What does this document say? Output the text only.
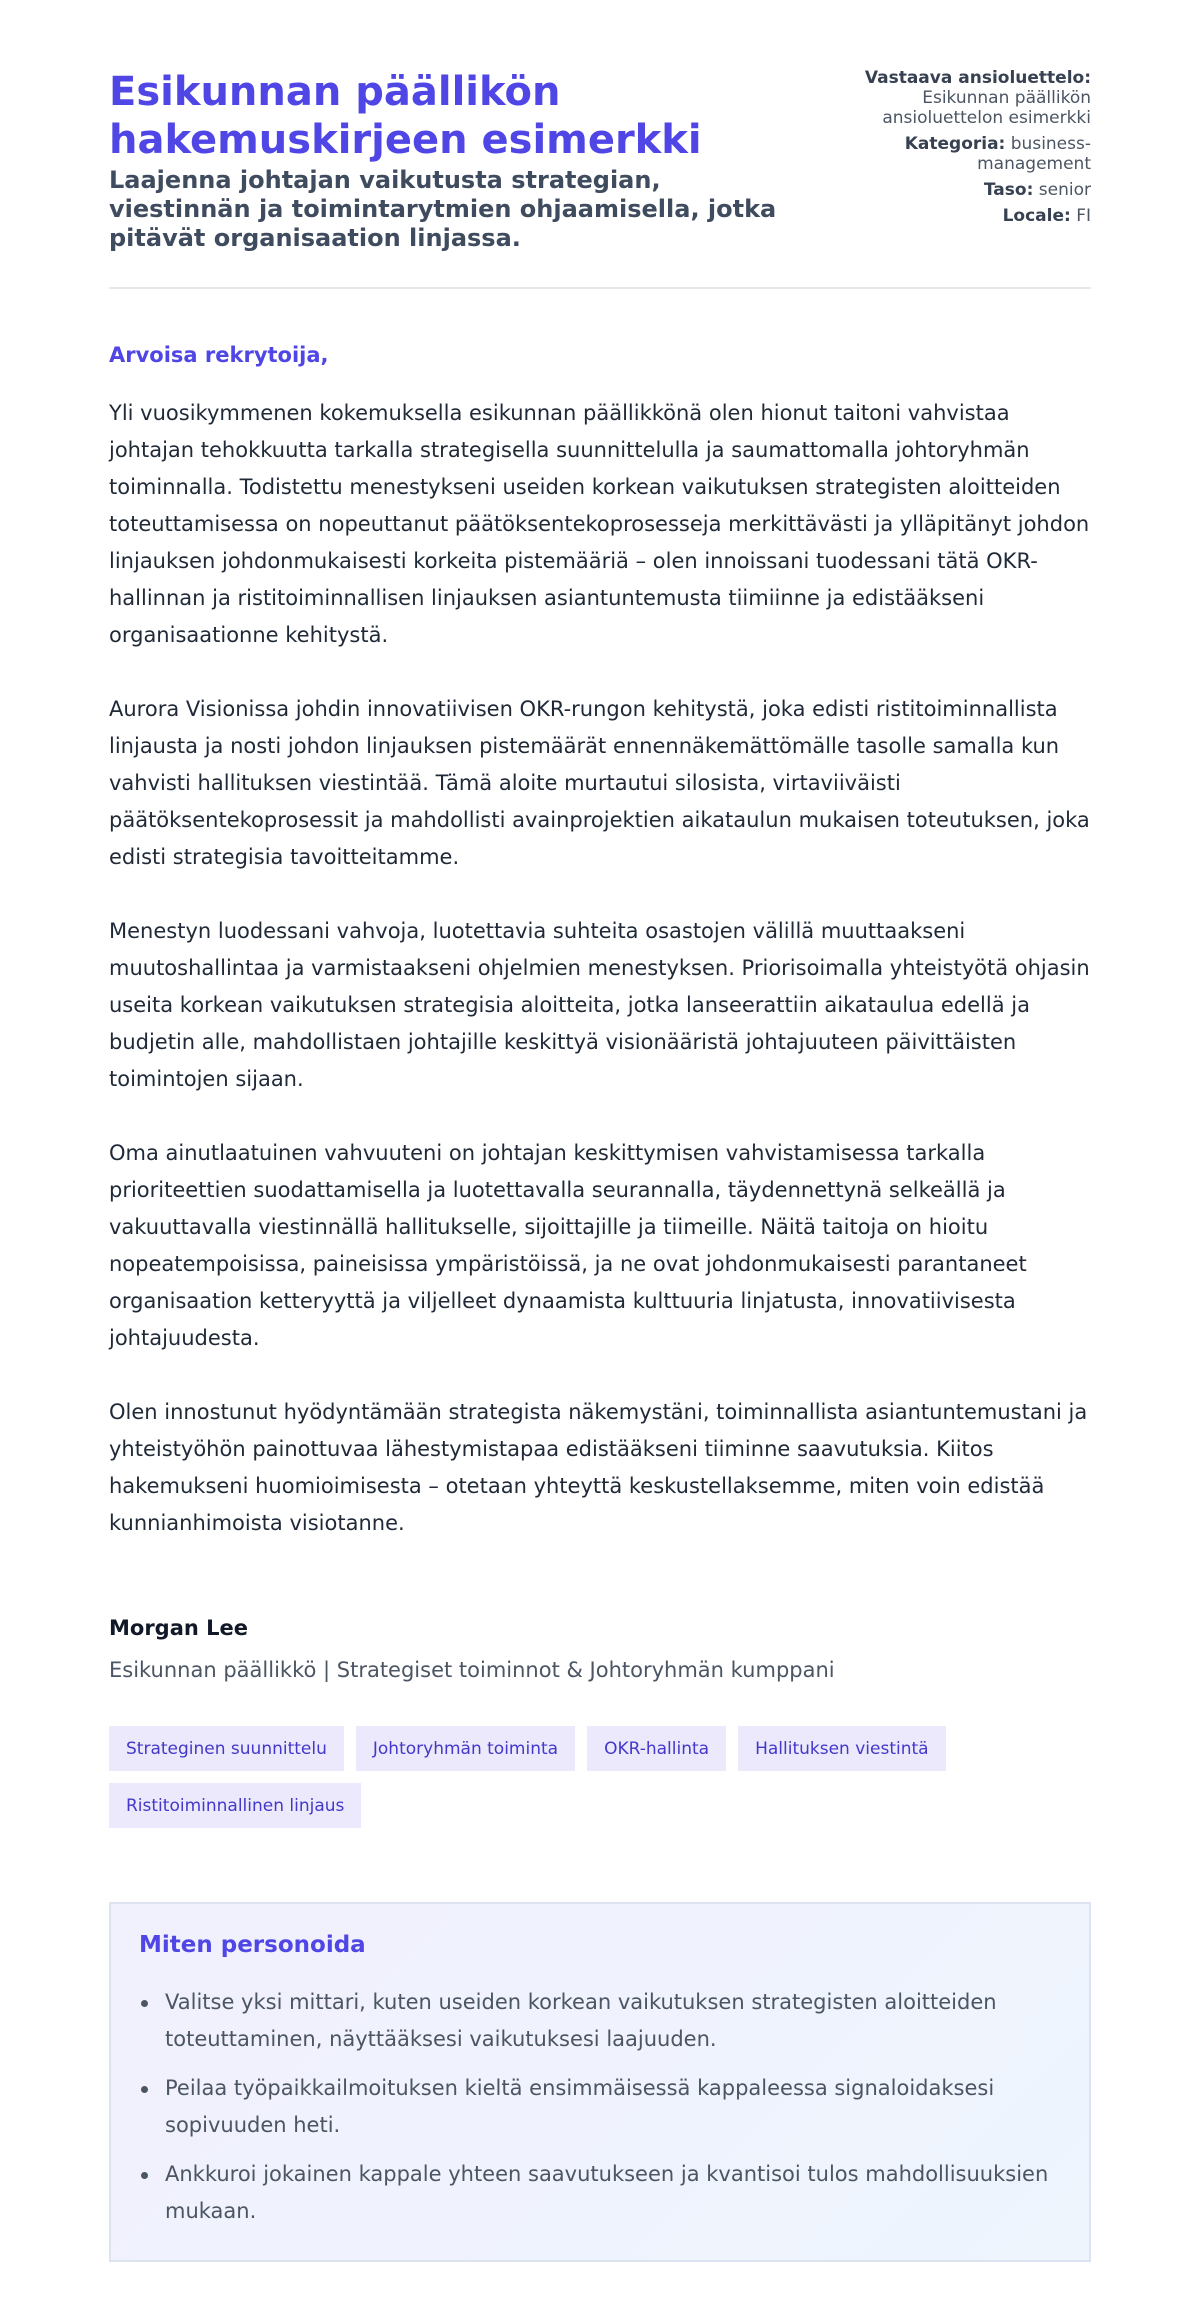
Esikunnan päällikön hakemuskirjeen esimerkki
Laajenna johtajan vaikutusta strategian, viestinnän ja toimintarytmien ohjaamisella, jotka pitävät organisaation linjassa.
Vastaava ansioluettelo: Esikunnan päällikön ansioluettelon esimerkki
Kategoria: business-management
Taso: senior
Locale: FI

Arvoisa rekrytoija,

Yli vuosikymmenen kokemuksella esikunnan päällikkönä olen hionut taitoni vahvistaa johtajan tehokkuutta tarkalla strategisella suunnittelulla ja saumattomalla johtoryhmän toiminnalla. Todistettu menestykseni useiden korkean vaikutuksen strategisten aloitteiden toteuttamisessa on nopeuttanut päätöksentekoprosesseja merkittävästi ja ylläpitänyt johdon linjauksen johdonmukaisesti korkeita pistemääriä – olen innoissani tuodessani tätä OKR-hallinnan ja ristitoiminnallisen linjauksen asiantuntemusta tiimiinne ja edistääkseni organisaationne kehitystä.

Aurora Visionissa johdin innovatiivisen OKR-rungon kehitystä, joka edisti ristitoiminnallista linjausta ja nosti johdon linjauksen pistemäärät ennennäkemättömälle tasolle samalla kun vahvisti hallituksen viestintää. Tämä aloite murtautui silosista, virtaviiväisti päätöksentekoprosessit ja mahdollisti avainprojektien aikataulun mukaisen toteutuksen, joka edisti strategisia tavoitteitamme.

Menestyn luodessani vahvoja, luotettavia suhteita osastojen välillä muuttaakseni muutoshallintaa ja varmistaakseni ohjelmien menestyksen. Priorisoimalla yhteistyötä ohjasin useita korkean vaikutuksen strategisia aloitteita, jotka lanseerattiin aikataulua edellä ja budjetin alle, mahdollistaen johtajille keskittyä visionääristä johtajuuteen päivittäisten toimintojen sijaan.

Oma ainutlaatuinen vahvuuteni on johtajan keskittymisen vahvistamisessa tarkalla prioriteettien suodattamisella ja luotettavalla seurannalla, täydennettynä selkeällä ja vakuuttavalla viestinnällä hallitukselle, sijoittajille ja tiimeille. Näitä taitoja on hioitu nopeatempoisissa, paineisissa ympäristöissä, ja ne ovat johdonmukaisesti parantaneet organisaation ketteryyttä ja viljelleet dynaamista kulttuuria linjatusta, innovatiivisesta johtajuudesta.

Olen innostunut hyödyntämään strategista näkemystäni, toiminnallista asiantuntemustani ja yhteistyöhön painottuvaa lähestymistapaa edistääkseni tiiminne saavutuksia. Kiitos hakemukseni huomioimisesta – otetaan yhteyttä keskustellaksemme, miten voin edistää kunnianhimoista visiotanne.

Morgan Lee
Esikunnan päällikkö | Strategiset toiminnot & Johtoryhmän kumppani
Strateginen suunnittelu	Johtoryhmän toiminta	OKR-hallinta	Hallituksen viestintä
Ristitoiminnallinen linjaus
Miten personoida
Valitse yksi mittari, kuten useiden korkean vaikutuksen strategisten aloitteiden toteuttaminen, näyttääksesi vaikutuksesi laajuuden.
Peilaa työpaikkailmoituksen kieltä ensimmäisessä kappaleessa signaloidaksesi sopivuuden heti.
Ankkuroi jokainen kappale yhteen saavutukseen ja kvantisoi tulos mahdollisuuksien mukaan.
